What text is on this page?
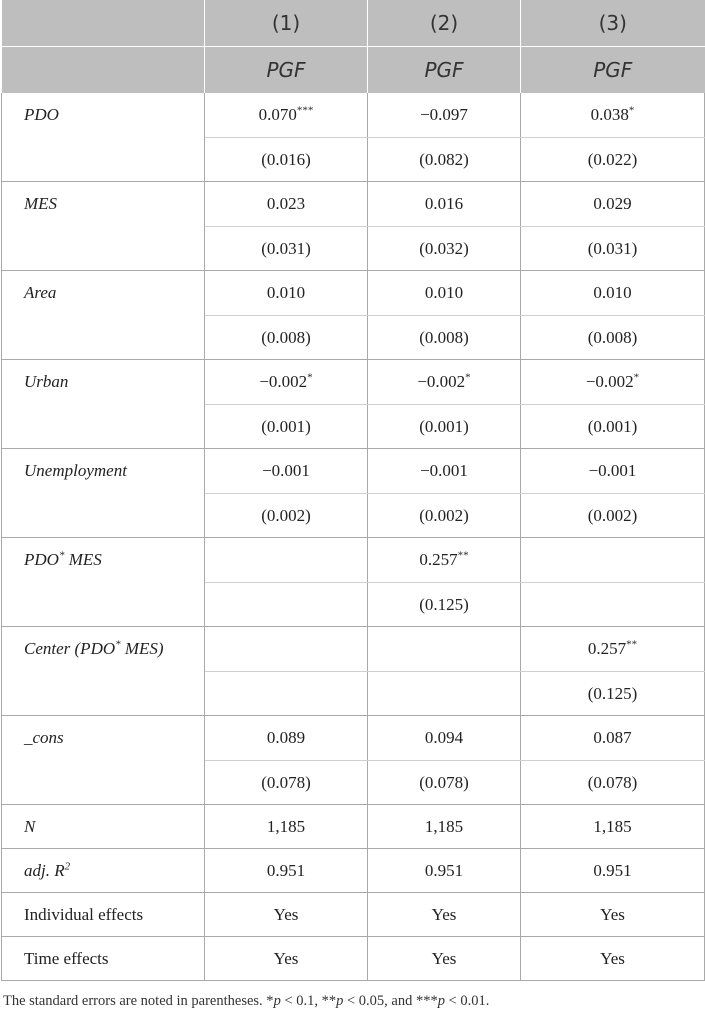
	(1)	(2)	(3)
	PGF	PGF	PGF
PDO	0.070***	−0.097	0.038*
	(0.016)	(0.082)	(0.022)
MES	0.023	0.016	0.029
	(0.031)	(0.032)	(0.031)
Area	0.010	0.010	0.010
	(0.008)	(0.008)	(0.008)
Urban	−0.002*	−0.002*	−0.002*
	(0.001)	(0.001)	(0.001)
Unemployment	−0.001	−0.001	−0.001
	(0.002)	(0.002)	(0.002)
PDO* MES		0.257**	
		(0.125)	
Center (PDO* MES)			0.257**
			(0.125)
_cons	0.089	0.094	0.087
	(0.078)	(0.078)	(0.078)
N	1,185	1,185	1,185
adj. $R^2$	0.951	0.951	0.951
Individual effects	Yes	Yes	Yes
Time effects	Yes	Yes	Yes
The standard errors are noted in parentheses. *p < 0.1, **p < 0.05, and ***p < 0.01.
